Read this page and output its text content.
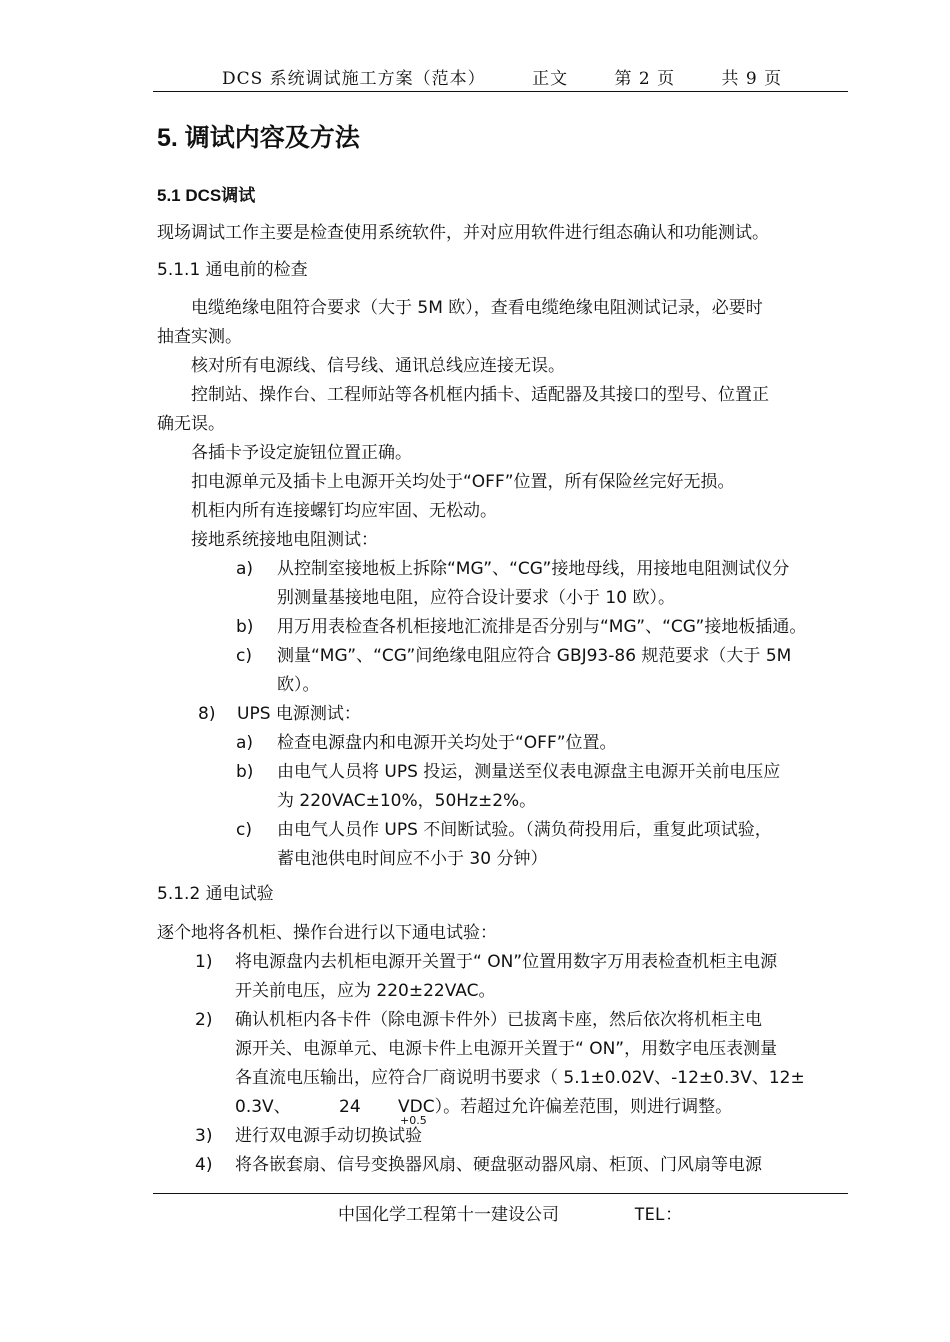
DCS 系统调试施工方案（范本）	正文	第 2 页	共 9 页
5. 调试内容及方法
5.1 DCS调试
现场调试工作主要是检查使用系统软件，并对应用软件进行组态确认和功能测试。
5.1.1 通电前的检查
电缆绝缘电阻符合要求（大于 5M 欧），查看电缆绝缘电阻测试记录，必要时
抽查实测。
核对所有电源线、信号线、通讯总线应连接无误。
控制站、操作台、工程师站等各机框内插卡、适配器及其接口的型号、位置正
确无误。
各插卡予设定旋钮位置正确。
扣电源单元及插卡上电源开关均处于“OFF”位置，所有保险丝完好无损。
机柜内所有连接螺钉均应牢固、无松动。
接地系统接地电阻测试：
a) 从控制室接地板上拆除“MG”、“CG”接地母线，用接地电阻测试仪分
别测量基接地电阻，应符合设计要求（小于 10 欧）。
b) 用万用表检查各机柜接地汇流排是否分别与“MG”、“CG”接地板插通。
c) 测量“MG”、“CG”间绝缘电阻应符合 GBJ93-86 规范要求（大于 5M
欧）。
8) UPS 电源测试：
a) 检查电源盘内和电源开关均处于“OFF”位置。
b) 由电气人员将 UPS 投运，测量送至仪表电源盘主电源开关前电压应
为 220VAC±10%，50Hz±2%。
c) 由电气人员作 UPS 不间断试验。（满负荷投用后，重复此项试验，
蓄电池供电时间应不小于 30 分钟）
5.1.2 通电试验
逐个地将各机柜、操作台进行以下通电试验：
1) 将电源盘内去机柜电源开关置于“ ON”位置用数字万用表检查机柜主电源
开关前电压，应为 220±22VAC。
2) 确认机柜内各卡件（除电源卡件外）已拔离卡座，然后依次将机柜主电
源开关、电源单元、电源卡件上电源开关置于“ ON”，用数字电压表测量
各直流电压输出，应符合厂商说明书要求（ 5.1±0.02V、-12±0.3V、12±
0.3V、	24
+0.5
VDC）。若超过允许偏差范围，则进行调整。
3) 进行双电源手动切换试验
4) 将各嵌套扇、信号变换器风扇、硬盘驱动器风扇、柜顶、门风扇等电源
中国化学工程第十一建设公司	TEL：
